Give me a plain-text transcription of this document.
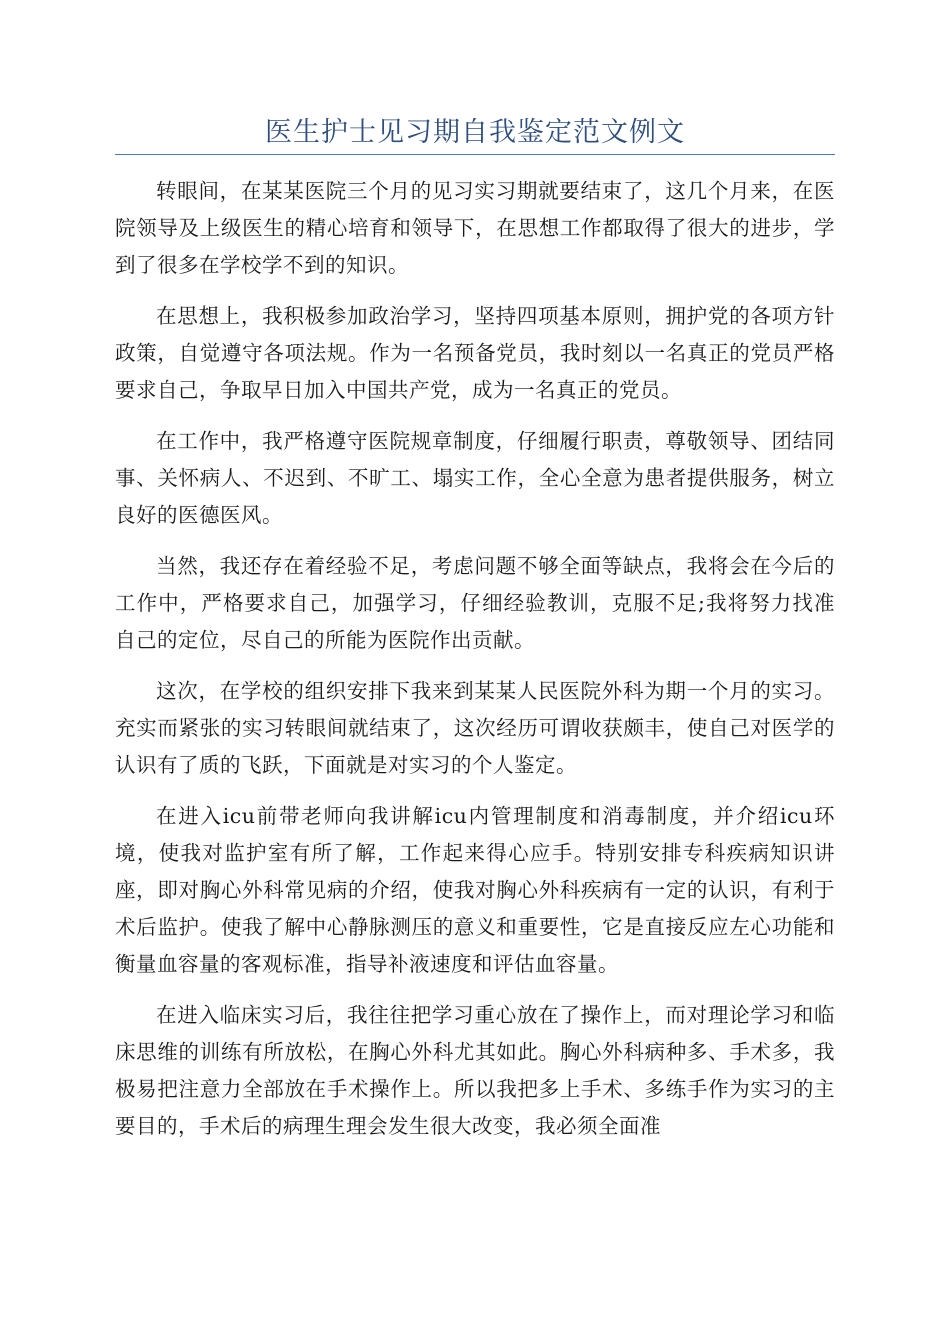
医生护士见习期自我鉴定范文例文

转眼间，在某某医院三个月的见习实习期就要结束了，这几个月来，在医院领导及上级医生的精心培育和领导下，在思想工作都取得了很大的进步，学到了很多在学校学不到的知识。

在思想上，我积极参加政治学习，坚持四项基本原则，拥护党的各项方针政策，自觉遵守各项法规。作为一名预备党员，我时刻以一名真正的党员严格要求自己，争取早日加入中国共产党，成为一名真正的党员。

在工作中，我严格遵守医院规章制度，仔细履行职责，尊敬领导、团结同事、关怀病人、不迟到、不旷工、塌实工作，全心全意为患者提供服务，树立良好的医德医风。

当然，我还存在着经验不足，考虑问题不够全面等缺点，我将会在今后的工作中，严格要求自己，加强学习，仔细经验教训，克服不足;我将努力找准自己的定位，尽自己的所能为医院作出贡献。

这次，在学校的组织安排下我来到某某人民医院外科为期一个月的实习。充实而紧张的实习转眼间就结束了，这次经历可谓收获颇丰，使自己对医学的认识有了质的飞跃，下面就是对实习的个人鉴定。

在进入icu前带老师向我讲解icu内管理制度和消毒制度，并介绍icu环境，使我对监护室有所了解，工作起来得心应手。特别安排专科疾病知识讲座，即对胸心外科常见病的介绍，使我对胸心外科疾病有一定的认识，有利于术后监护。使我了解中心静脉测压的意义和重要性，它是直接反应左心功能和衡量血容量的客观标准，指导补液速度和评估血容量。

在进入临床实习后，我往往把学习重心放在了操作上，而对理论学习和临床思维的训练有所放松，在胸心外科尤其如此。胸心外科病种多、手术多，我极易把注意力全部放在手术操作上。所以我把多上手术、多练手作为实习的主要目的，手术后的病理生理会发生很大改变，我必须全面准
